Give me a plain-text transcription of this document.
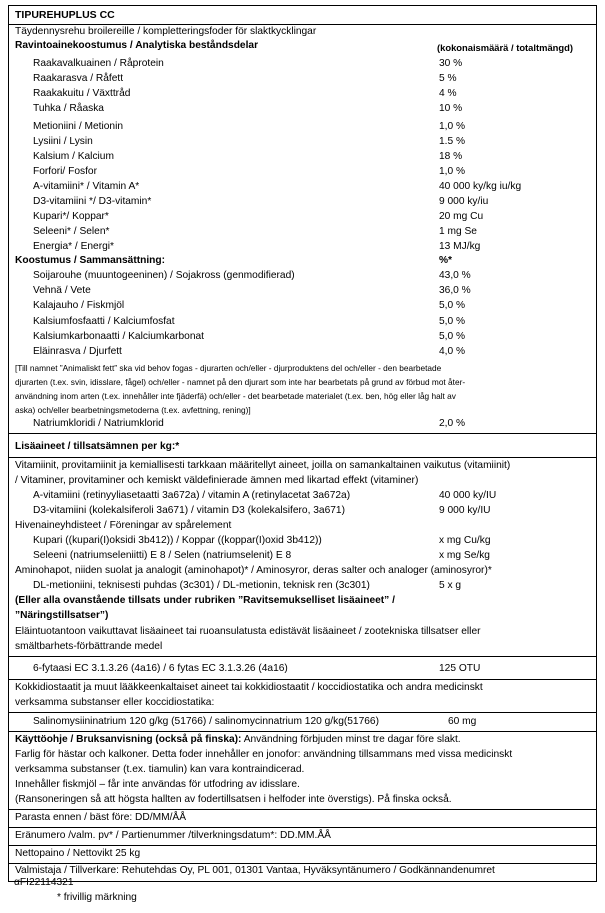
TIPUREHUPLUS CC
Täydennysrehu broilereille / kompletteringsfoder för slaktkycklingar
Ravintoainekoostumus / Analytiska beståndsdelar	(kokonaismäärä / totaltmängd)
Raakavalkuainen / Råprotein	30 %
Raakarasva / Råfett	5 %
Raakakuitu / Växttråd	4 %
Tuhka / Råaska	10 %
Metioniini / Metionin	1,0 %
Lysiini / Lysin	1.5 %
Kalsium / Kalcium	18 %
Forfori/ Fosfor	1,0 %
A-vitamiini* / Vitamin A*	40 000 ky/kg iu/kg
D3-vitamiini */ D3-vitamin*	9 000 ky/iu
Kupari*/ Koppar*	20 mg Cu
Seleeni* / Selen*	1 mg Se
Energia* / Energi*	13 MJ/kg
Koostumus / Sammansättning:	%*
Soijarouhe (muuntogeeninen) / Sojakross (genmodifierad)	43,0 %
Vehnä / Vete	36,0 %
Kalajauho / Fiskmjöl	5,0 %
Kalsiumfosfaatti / Kalciumfosfat	5,0 %
Kalsiumkarbonaatti / Kalciumkarbonat	5,0 %
Eläinrasva / Djurfett	4,0 %
[Till namnet ”Animaliskt fett” ska vid behov fogas - djurarten och/eller - djurproduktens del och/eller - den bearbetade
djurarten (t.ex. svin, idisslare, fågel) och/eller - namnet på den djurart som inte har bearbetats på grund av förbud mot åter-
användning inom arten (t.ex. innehåller inte fjäderfä) och/eller - det bearbetade materialet (t.ex. ben, hög eller låg halt av
aska) och/eller bearbetningsmetoderna (t.ex. avfettning, rening)]
Natriumkloridi / Natriumklorid	2,0 %
Lisäaineet / tillsatsämnen per kg:*
Vitamiinit, provitamiinit ja kemiallisesti tarkkaan määritellyt aineet, joilla on samankaltainen vaikutus (vitamiinit)
/ Vitaminer, provitaminer och kemiskt väldefinierade ämnen med likartad effekt (vitaminer)
A-vitamiini (retinyyliasetaatti 3a672a) / vitamin A (retinylacetat 3a672a)	40 000 ky/IU
D3-vitamiini (kolekalsiferoli 3a671) / vitamin D3 (kolekalsifero, 3a671)	9 000 ky/IU
Hivenaineyhdisteet / Föreningar av spårelement
Kupari ((kupari(I)oksidi 3b412)) / Koppar ((koppar(I)oxid 3b412))	x mg Cu/kg
Seleeni (natriumseleniitti) E 8 / Selen (natriumselenit) E 8	x mg Se/kg
Aminohapot, niiden suolat ja analogit (aminohapot)* / Aminosyror, deras salter och analoger (aminosyror)*
DL-metioniini, teknisesti puhdas (3c301) / DL-metionin, teknisk ren (3c301)	5 x g
(Eller alla ovanstående tillsats under rubriken ”Ravitsemukselliset lisäaineet” /
”Näringstillsatser”)
Eläintuotantoon vaikuttavat lisäaineet tai ruoansulatusta edistävät lisäaineet / zootekniska tillsatser eller
smältbarhets-förbättrande medel
6-fytaasi EC 3.1.3.26 (4a16) / 6 fytas EC 3.1.3.26 (4a16)	125 OTU
Kokkidiostaatit ja muut lääkkeenkaltaiset aineet tai kokkidiostaatit / koccidiostatika och andra medicinskt
verksamma substanser eller koccidiostatika:
Salinomysiininatrium 120 g/kg (51766) / salinomycinnatrium 120 g/kg(51766)	60 mg
Käyttöohje / Bruksanvisning (också på finska): Användning förbjuden minst tre dagar före slakt.
Farlig för hästar och kalkoner. Detta foder innehåller en jonofor: användning tillsammans med vissa medicinskt
verksamma substanser (t.ex. tiamulin) kan vara kontraindicerad.
Innehåller fiskmjöl – får inte användas för utfodring av idisslare.
(Ransoneringen så att högsta hallten av fodertillsatsen i helfoder inte överstigs). På finska också.
Parasta ennen / bäst före: DD/MM/ÅÅ
Eränumero /valm. pv* / Partienummer /tilverkningsdatum*: DD.MM.ÅÅ
Nettopaino / Nettovikt 25 kg
Valmistaja / Tillverkare: Rehutehdas Oy, PL 001, 01301 Vantaa, Hyväksyntänumero / Godkännandenumret
αFI22114321
* frivillig märkning
